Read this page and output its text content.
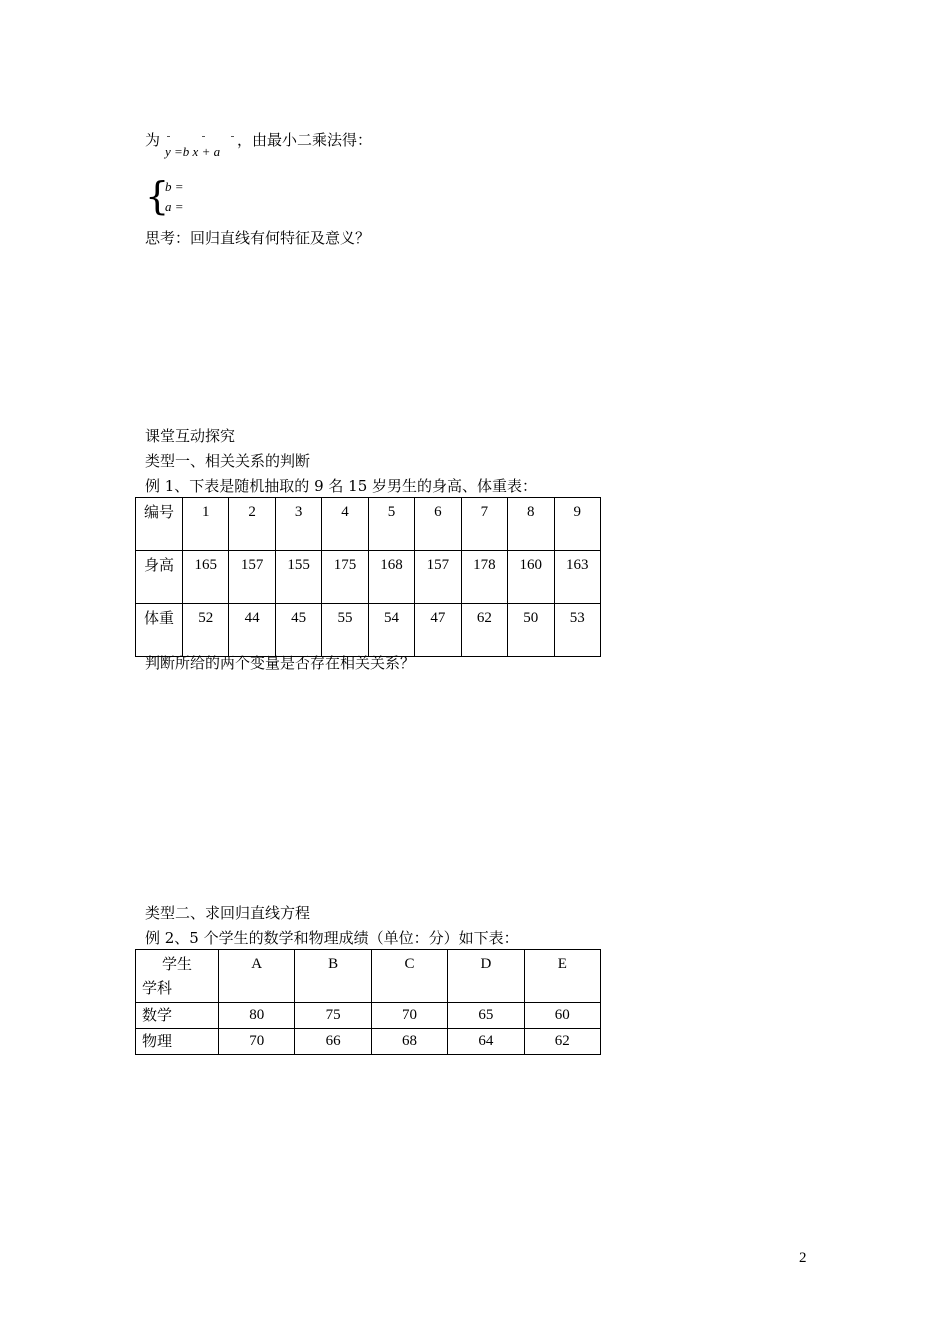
为
y =b x + a
，由最小二乘法得：
{
b =
a =
思考：回归直线有何特征及意义？
课堂互动探究
类型一、相关关系的判断
例 1、下表是随机抽取的 9 名 15 岁男生的身高、体重表：
编号	1	2	3	4	5	6	7	8	9
身高	165	157	155	175	168	157	178	160	163
体重	52	44	45	55	54	47	62	50	53
判断所给的两个变量是否存在相关关系？
类型二、求回归直线方程
例 2、5 个学生的数学和物理成绩（单位：分）如下表：
学生
学科	A	B	C	D	E
数学	80	75	70	65	60
物理	70	66	68	64	62
2
